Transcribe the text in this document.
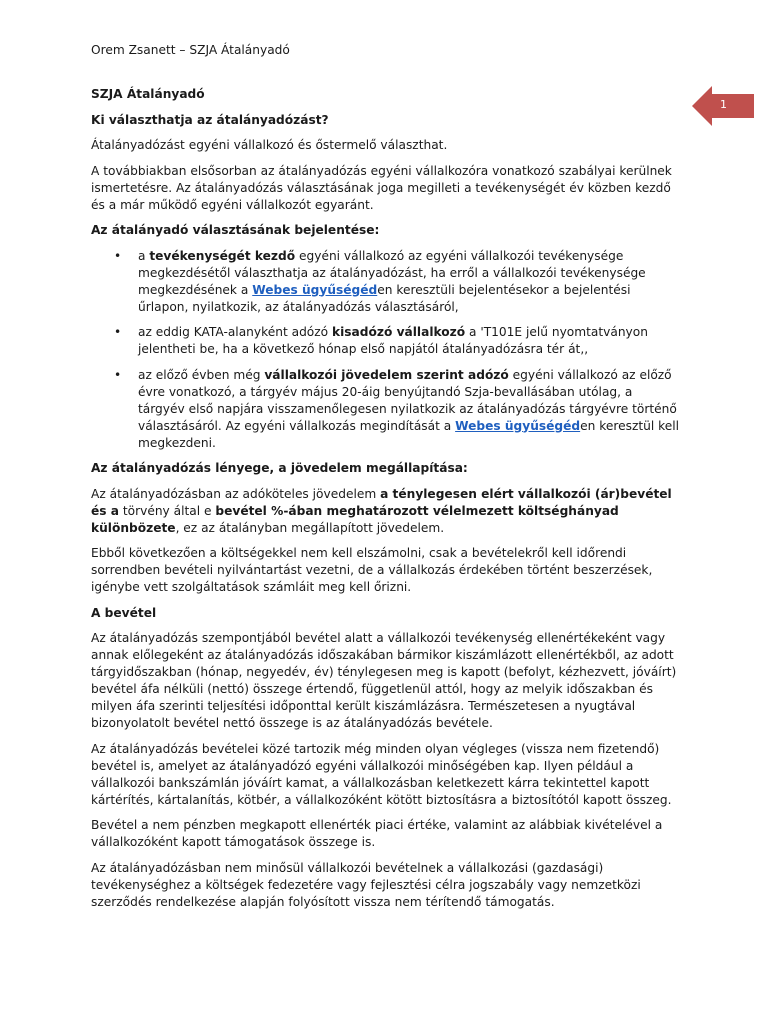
Orem Zsanett – SZJA Átalányadó
1

SZJA Átalányadó

Ki választhatja az átalányadózást?

Átalányadózást egyéni vállalkozó és őstermelő választhat.

A továbbiakban elsősorban az átalányadózás egyéni vállalkozóra vonatkozó szabályai kerülnek ismertetésre. Az átalányadózás választásának joga megilleti a tevékenységét év közben kezdő és a már működő egyéni vállalkozót egyaránt.

Az átalányadó választásának bejelentése:

• a tevékenységét kezdő egyéni vállalkozó az egyéni vállalkozói tevékenysége megkezdésétől választhatja az átalányadózást, ha erről a vállalkozói tevékenysége megkezdésének a Webes ügyűségéden keresztüli bejelentésekor a bejelentési űrlapon, nyilatkozik, az átalányadózás választásáról,
• az eddig KATA-alanyként adózó kisadózó vállalkozó a 'T101E jelű nyomtatványon jelentheti be, ha a következő hónap első napjától átalányadózásra tér át,,
• az előző évben még vállalkozói jövedelem szerint adózó egyéni vállalkozó az előző évre vonatkozó, a tárgyév május 20-áig benyújtandó Szja-bevallásában utólag, a tárgyév első napjára visszamenőlegesen nyilatkozik az átalányadózás tárgyévre történő választásáról. Az egyéni vállalkozás megindítását a Webes ügyűségéden keresztül kell megkezdeni.

Az átalányadózás lényege, a jövedelem megállapítása:

Az átalányadózásban az adóköteles jövedelem a ténylegesen elért vállalkozói (ár)bevétel és a törvény által e bevétel %-ában meghatározott vélelmezett költséghányad különbözete, ez az átalányban megállapított jövedelem.

Ebből következően a költségekkel nem kell elszámolni, csak a bevételekről kell időrendi sorrendben bevételi nyilvántartást vezetni, de a vállalkozás érdekében történt beszerzések, igénybe vett szolgáltatások számláit meg kell őrizni.

A bevétel

Az átalányadózás szempontjából bevétel alatt a vállalkozói tevékenység ellenértékeként vagy annak előlegeként az átalányadózás időszakában bármikor kiszámlázott ellenértékből, az adott tárgyidőszakban (hónap, negyedév, év) ténylegesen meg is kapott (befolyt, kézhezvett, jóváírt) bevétel áfa nélküli (nettó) összege értendő, függetlenül attól, hogy az melyik időszakban és milyen áfa szerinti teljesítési időponttal került kiszámlázásra. Természetesen a nyugtával bizonyolatolt bevétel nettó összege is az átalányadózás bevétele.

Az átalányadózás bevételei közé tartozik még minden olyan végleges (vissza nem fizetendő) bevétel is, amelyet az átalányadózó egyéni vállalkozói minőségében kap. Ilyen például a vállalkozói bankszámlán jóváírt kamat, a vállalkozásban keletkezett kárra tekintettel kapott kártérítés, kártalanítás, kötbér, a vállalkozóként kötött biztosításra a biztosítótól kapott összeg.

Bevétel a nem pénzben megkapott ellenérték piaci értéke, valamint az alábbiak kivételével a vállalkozóként kapott támogatások összege is.

Az átalányadózásban nem minősül vállalkozói bevételnek a vállalkozási (gazdasági) tevékenységhez a költségek fedezetére vagy fejlesztési célra jogszabály vagy nemzetközi szerződés rendelkezése alapján folyósított vissza nem térítendő támogatás.
